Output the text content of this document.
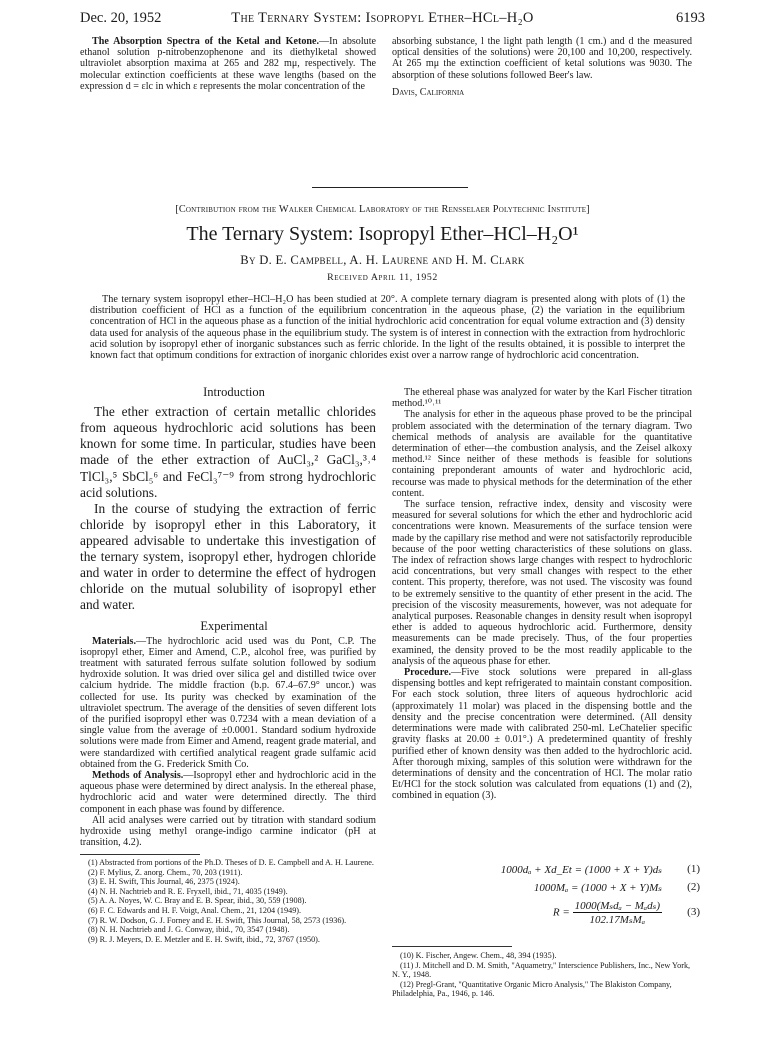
Dec. 20, 1952	The Ternary System: Isopropyl Ether–HCl–H₂O	6193

The Absorption Spectra of the Ketal and Ketone.—In absolute ethanol solution p-nitrobenzophenone and its diethylketal showed ultraviolet absorption maxima at 265 and 282 mμ, respectively. The molecular extinction coefficients at these wave lengths (based on the expression d = εlc in which ε represents the molar concentration of the

absorbing substance, l the light path length (1 cm.) and d the measured optical densities of the solutions) were 20,100 and 10,200, respectively. At 265 mμ the extinction coefficient of ketal solutions was 9030. The absorption of these solutions followed Beer's law.

Davis, California

[Contribution from the Walker Chemical Laboratory of the Rensselaer Polytechnic Institute]
The Ternary System: Isopropyl Ether–HCl–H₂O¹
By D. E. Campbell, A. H. Laurene and H. M. Clark
Received April 11, 1952

The ternary system isopropyl ether–HCl–H₂O has been studied at 20°. A complete ternary diagram is presented along with plots of (1) the distribution coefficient of HCl as a function of the equilibrium concentration in the aqueous phase, (2) the variation in the equilibrium concentration of HCl in the aqueous phase as a function of the initial hydrochloric acid concentration for equal volume extraction and (3) density data used for analysis of the aqueous phase in the equilibrium study. The system is of interest in connection with the extraction from hydrochloric acid solution by isopropyl ether of inorganic substances such as ferric chloride. In the light of the results obtained, it is possible to interpret the known fact that optimum conditions for extraction of inorganic chlorides exist over a narrow range of hydrochloric acid concentration.

Introduction

The ether extraction of certain metallic chlorides from aqueous hydrochloric acid solutions has been known for some time. In particular, studies have been made of the ether extraction of AuCl₃,² GaCl₃,³˒⁴ TlCl₃,⁵ SbCl₅⁶ and FeCl₃⁷⁻⁹ from strong hydrochloric acid solutions.

In the course of studying the extraction of ferric chloride by isopropyl ether in this Laboratory, it appeared advisable to undertake this investigation of the ternary system, isopropyl ether, hydrogen chloride and water in order to determine the effect of hydrogen chloride on the mutual solubility of isopropyl ether and water.

Experimental

Materials.—The hydrochloric acid used was du Pont, C.P. The isopropyl ether, Eimer and Amend, C.P., alcohol free, was purified by treatment with saturated ferrous sulfate solution followed by sodium hydroxide solution. It was dried over silica gel and distilled twice over calcium hydride. The middle fraction (b.p. 67.4–67.9° uncor.) was collected for use. Its purity was checked by examination of the ultraviolet spectrum. The average of the densities of seven different lots of the purified isopropyl ether was 0.7234 with a mean deviation of a single value from the average of ±0.0001. Standard sodium hydroxide solutions were made from Eimer and Amend, reagent grade material, and were standardized with certified analytical reagent grade sulfamic acid obtained from the G. Frederick Smith Co.

Methods of Analysis.—Isopropyl ether and hydrochloric acid in the aqueous phase were determined by direct analysis. In the ethereal phase, hydrochloric acid and water were determined directly. The third component in each phase was found by difference.

All acid analyses were carried out by titration with standard sodium hydroxide using methyl orange-indigo carmine indicator (pH at transition, 4.2).

(1) Abstracted from portions of the Ph.D. Theses of D. E. Campbell and A. H. Laurene.

(2) F. Mylius, Z. anorg. Chem., 70, 203 (1911).

(3) E. H. Swift, This Journal, 46, 2375 (1924).

(4) N. H. Nachtrieb and R. E. Fryxell, ibid., 71, 4035 (1949).

(5) A. A. Noyes, W. C. Bray and E. B. Spear, ibid., 30, 559 (1908).

(6) F. C. Edwards and H. F. Voigt, Anal. Chem., 21, 1204 (1949).

(7) R. W. Dodson, G. J. Forney and E. H. Swift, This Journal, 58, 2573 (1936).

(8) N. H. Nachtrieb and J. G. Conway, ibid., 70, 3547 (1948).

(9) R. J. Meyers, D. E. Metzler and E. H. Swift, ibid., 72, 3767 (1950).

The ethereal phase was analyzed for water by the Karl Fischer titration method.¹⁰˒¹¹

The analysis for ether in the aqueous phase proved to be the principal problem associated with the determination of the ternary diagram. Two chemical methods of analysis are available for the quantitative determination of ether—the combustion analysis, and the Zeisel alkoxy method.¹² Since neither of these methods is feasible for solutions containing preponderant amounts of water and hydrochloric acid, recourse was made to physical methods for the determination of the ether content.

The surface tension, refractive index, density and viscosity were measured for several solutions for which the ether and hydrochloric acid concentrations were known. Measurements of the surface tension were made by the capillary rise method and were not satisfactorily reproducible because of the poor wetting characteristics of these solutions on glass. The index of refraction shows large changes with respect to hydrochloric acid concentrations, but very small changes with respect to the ether content. This property, therefore, was not used. The viscosity was found to be extremely sensitive to the quantity of ether present in the acid. The precision of the viscosity measurements, however, was not adequate for analytical purposes. Reasonable changes in density result when isopropyl ether is added to aqueous hydrochloric acid. Furthermore, density measurements can be made precisely. Thus, of the four properties examined, the density proved to be the most readily applicable to the analysis of the aqueous phase for ether.

Procedure.—Five stock solutions were prepared in all-glass dispensing bottles and kept refrigerated to maintain constant composition. For each stock solution, three liters of aqueous hydrochloric acid (approximately 11 molar) was placed in the dispensing bottle and the density and the precise concentration were determined. (All density determinations were made with calibrated 250-ml. LeChatelier specific gravity flasks at 20.00 ± 0.01°.) A predetermined quantity of freshly purified ether of known density was then added to the hydrochloric acid. After thorough mixing, samples of this solution were withdrawn for the determinations of density and the concentration of HCl. The molar ratio Et/HCl for the stock solution was calculated from equations (1) and (2), combined in equation (3).

1000dₐ + Xd_Et = (1000 + X + Y)dₛ (1)
1000Mₐ = (1000 + X + Y)Mₛ (2)
$R = \frac{\text{1000(Mₛdₐ − Mₐdₛ)}}{\text{102.17MₛMₐ}} (3)$

(10) K. Fischer, Angew. Chem., 48, 394 (1935).

(11) J. Mitchell and D. M. Smith, "Aquametry," Interscience Publishers, Inc., New York, N. Y., 1948.

(12) Pregl-Grant, "Quantitative Organic Micro Analysis," The Blakiston Company, Philadelphia, Pa., 1946, p. 146.
